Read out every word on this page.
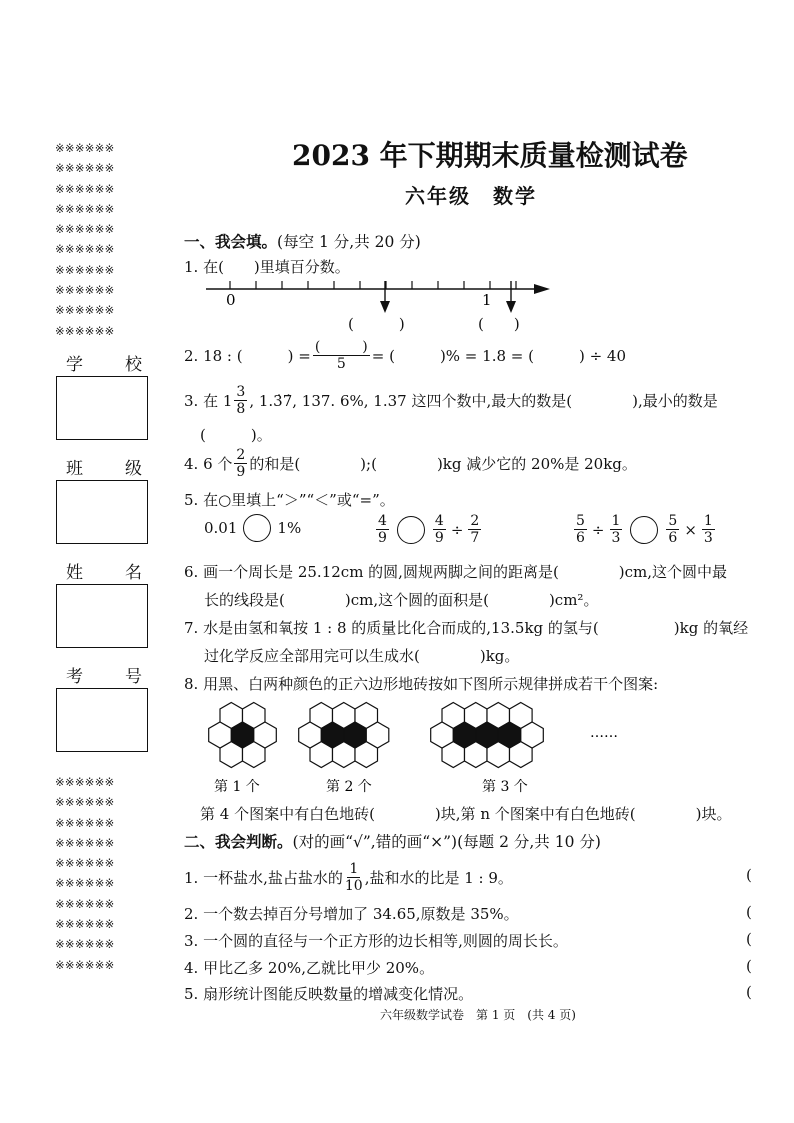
※※※※※※
※※※※※※
※※※※※※
※※※※※※
※※※※※※
※※※※※※
※※※※※※
※※※※※※
※※※※※※
※※※※※※
学 校
班 级
姓 名
考 号
※※※※※※
※※※※※※
※※※※※※
※※※※※※
※※※※※※
※※※※※※
※※※※※※
※※※※※※
※※※※※※
※※※※※※
2023 年下期期末质量检测试卷
六年级　数学
一、我会填。(每空 1 分,共 20 分)
1. 在(　　)里填百分数。
0	1
(　　　)	(　　)
2. 18 : (　　　) = $\frac{( )}{5}$ = (　　　)% = 1.8 = (　　　) ÷ 40
3. 在 $1 \frac{3}{8}$ , 1.3̇7̇, 137. 6%, 1.37 这四个数中,最大的数是(　　　　),最小的数是
(　　　)。
4. 6 个 $\frac{2}{9}$ 的和是(　　　　);(　　　　)kg 减少它的 20%是 20kg。
5. 在○里填上“＞”“＜”或“=”。
0.01	1%	$\frac{4}{9}$	$\frac{4}{9} \div \frac{2}{7}$	$\frac{5}{6} \div \frac{1}{3}$	$\frac{5}{6} \times \frac{1}{3}$
6. 画一个周长是 25.12cm 的圆,圆规两脚之间的距离是(　　　　)cm,这个圆中最
长的线段是(　　　　)cm,这个圆的面积是(　　　　)cm²。
7. 水是由氢和氧按 1 : 8 的质量比化合而成的,13.5kg 的氢与(　　　　　)kg 的氧经
过化学反应全部用完可以生成水(　　　　)kg。
8. 用黑、白两种颜色的正六边形地砖按如下图所示规律拼成若干个图案:
第 1 个	第 2 个	第 3 个
……
第 4 个图案中有白色地砖(　　　　)块,第 n 个图案中有白色地砖(　　　　)块。
二、我会判断。(对的画“√”,错的画“×”)(每题 2 分,共 10 分)
1. 一杯盐水,盐占盐水的 $\frac{1}{10}$ ,盐和水的比是 1 : 9。	(
2. 一个数去掉百分号增加了 34.65,原数是 35%。	(
3. 一个圆的直径与一个正方形的边长相等,则圆的周长长。	(
4. 甲比乙多 20%,乙就比甲少 20%。	(
5. 扇形统计图能反映数量的增减变化情况。	(
六年级数学试卷　第 1 页　(共 4 页)
